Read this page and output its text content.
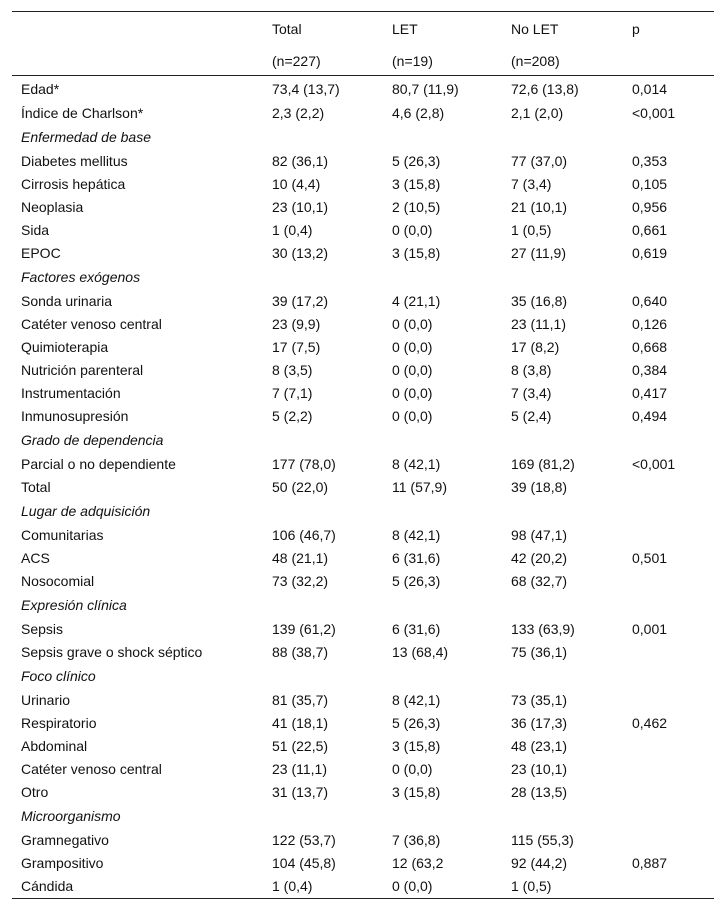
	Total	LET	No LET	p
	(n=227)	(n=19)	(n=208)	
Edad*	73,4 (13,7)	80,7 (11,9)	72,6 (13,8)	0,014
Índice de Charlson*	2,3 (2,2)	4,6 (2,8)	2,1 (2,0)	<0,001
Enfermedad de base				
Diabetes mellitus	82 (36,1)	5 (26,3)	77 (37,0)	0,353
Cirrosis hepática	10 (4,4)	3 (15,8)	7 (3,4)	0,105
Neoplasia	23 (10,1)	2 (10,5)	21 (10,1)	0,956
Sida	1 (0,4)	0 (0,0)	1 (0,5)	0,661
EPOC	30 (13,2)	3 (15,8)	27 (11,9)	0,619
Factores exógenos				
Sonda urinaria	39 (17,2)	4 (21,1)	35 (16,8)	0,640
Catéter venoso central	23 (9,9)	0 (0,0)	23 (11,1)	0,126
Quimioterapia	17 (7,5)	0 (0,0)	17 (8,2)	0,668
Nutrición parenteral	8 (3,5)	0 (0,0)	8 (3,8)	0,384
Instrumentación	7 (7,1)	0 (0,0)	7 (3,4)	0,417
Inmunosupresión	5 (2,2)	0 (0,0)	5 (2,4)	0,494
Grado de dependencia				
Parcial o no dependiente	177 (78,0)	8 (42,1)	169 (81,2)	<0,001
Total	50 (22,0)	11 (57,9)	39 (18,8)	
Lugar de adquisición				
Comunitarias	106 (46,7)	8 (42,1)	98 (47,1)	
ACS	48 (21,1)	6 (31,6)	42 (20,2)	0,501
Nosocomial	73 (32,2)	5 (26,3)	68 (32,7)	
Expresión clínica				
Sepsis	139 (61,2)	6 (31,6)	133 (63,9)	0,001
Sepsis grave o shock séptico	88 (38,7)	13 (68,4)	75 (36,1)	
Foco clínico				
Urinario	81 (35,7)	8 (42,1)	73 (35,1)	
Respiratorio	41 (18,1)	5 (26,3)	36 (17,3)	0,462
Abdominal	51 (22,5)	3 (15,8)	48 (23,1)	
Catéter venoso central	23 (11,1)	0 (0,0)	23 (10,1)	
Otro	31 (13,7)	3 (15,8)	28 (13,5)	
Microorganismo				
Gramnegativo	122 (53,7)	7 (36,8)	115 (55,3)	
Grampositivo	104 (45,8)	12 (63,2	92 (44,2)	0,887
Cándida	1 (0,4)	0 (0,0)	1 (0,5)	
